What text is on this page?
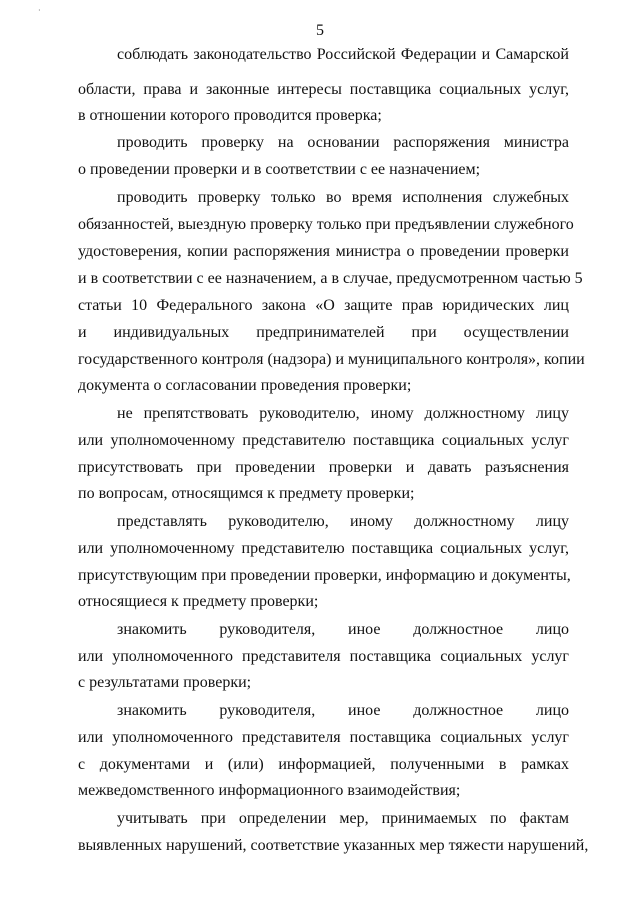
·
5
соблюдать законодательство Российской Федерации и Самарской
области, права и законные интересы поставщика социальных услуг,
в отношении которого проводится проверка;
проводить проверку на основании распоряжения министра
о проведении проверки и в соответствии с ее назначением;
проводить проверку только во время исполнения служебных
обязанностей, выездную проверку только при предъявлении служебного
удостоверения, копии распоряжения министра о проведении проверки
и в соответствии с ее назначением, а в случае, предусмотренном частью 5
статьи 10 Федерального закона «О защите прав юридических лиц
и индивидуальных предпринимателей при осуществлении
государственного контроля (надзора) и муниципального контроля», копии
документа о согласовании проведения проверки;
не препятствовать руководителю, иному должностному лицу
или уполномоченному представителю поставщика социальных услуг
присутствовать при проведении проверки и давать разъяснения
по вопросам, относящимся к предмету проверки;
представлять руководителю, иному должностному лицу
или уполномоченному представителю поставщика социальных услуг,
присутствующим при проведении проверки, информацию и документы,
относящиеся к предмету проверки;
знакомить руководителя, иное должностное лицо
или уполномоченного представителя поставщика социальных услуг
с результатами проверки;
знакомить руководителя, иное должностное лицо
или уполномоченного представителя поставщика социальных услуг
с документами и (или) информацией, полученными в рамках
межведомственного информационного взаимодействия;
учитывать при определении мер, принимаемых по фактам
выявленных нарушений, соответствие указанных мер тяжести нарушений,
